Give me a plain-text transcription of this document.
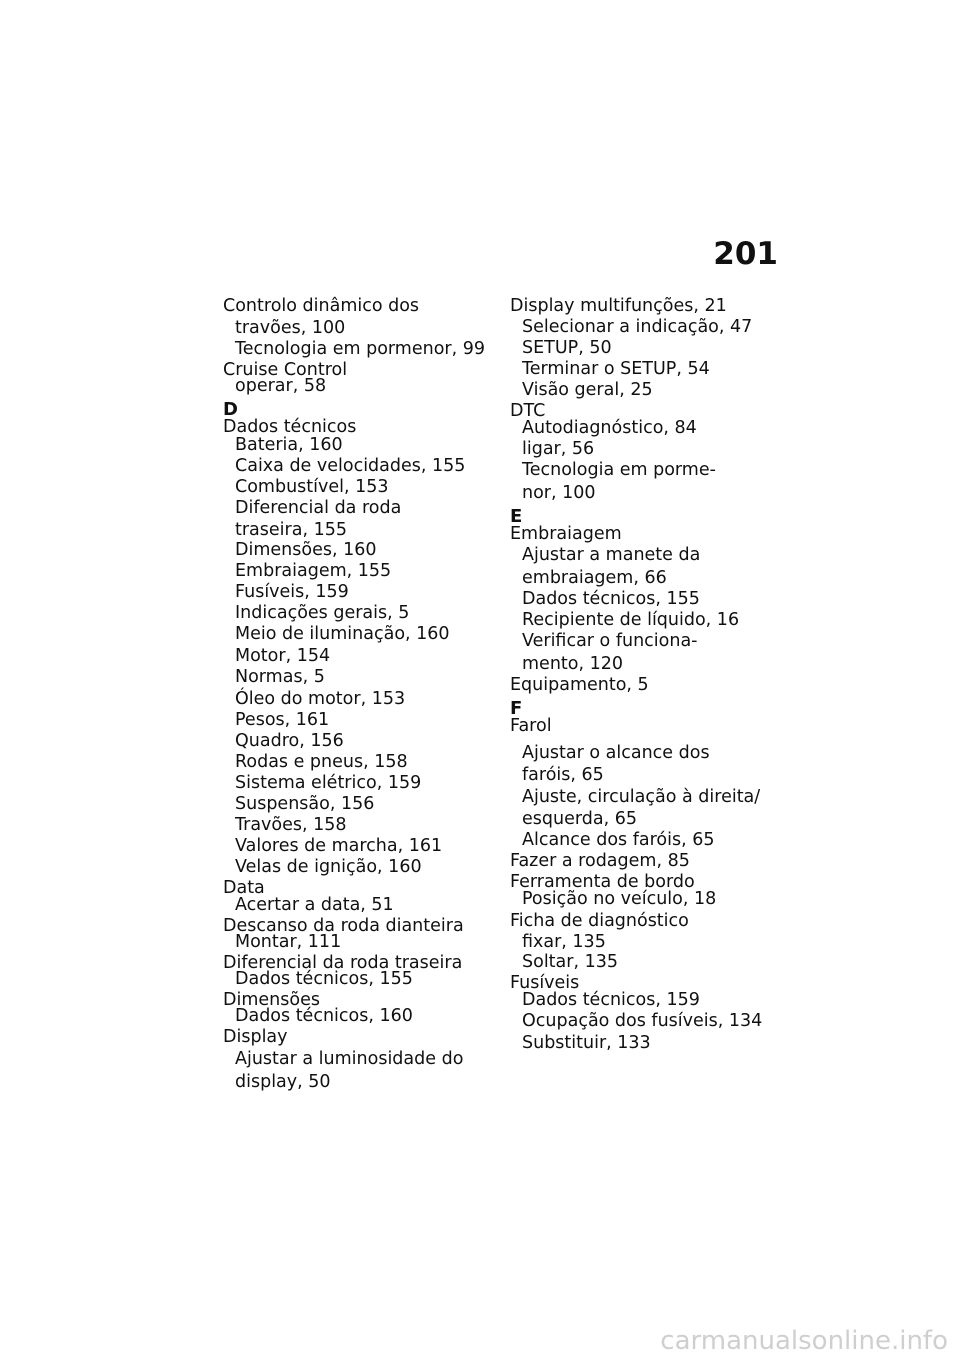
201
Controlo dinâmico dos
travões, 100
Tecnologia em pormenor, 99
Cruise Control
operar, 58
D
Dados técnicos
Bateria, 160
Caixa de velocidades, 155
Combustível, 153
Diferencial da roda
traseira, 155
Dimensões, 160
Embraiagem, 155
Fusíveis, 159
Indicações gerais, 5
Meio de iluminação, 160
Motor, 154
Normas, 5
Óleo do motor, 153
Pesos, 161
Quadro, 156
Rodas e pneus, 158
Sistema elétrico, 159
Suspensão, 156
Travões, 158
Valores de marcha, 161
Velas de ignição, 160
Data
Acertar a data, 51
Descanso da roda dianteira
Montar, 111
Diferencial da roda traseira
Dados técnicos, 155
Dimensões
Dados técnicos, 160
Display
Ajustar a luminosidade do
display, 50
Display multifunções, 21
Selecionar a indicação, 47
SETUP, 50
Terminar o SETUP, 54
Visão geral, 25
DTC
Autodiagnóstico, 84
ligar, 56
Tecnologia em porme-
nor, 100
E
Embraiagem
Ajustar a manete da
embraiagem, 66
Dados técnicos, 155
Recipiente de líquido, 16
Verificar o funciona-
mento, 120
Equipamento, 5
F
Farol
Ajustar o alcance dos
faróis, 65
Ajuste, circulação à direita/
esquerda, 65
Alcance dos faróis, 65
Fazer a rodagem, 85
Ferramenta de bordo
Posição no veículo, 18
Ficha de diagnóstico
fixar, 135
Soltar, 135
Fusíveis
Dados técnicos, 159
Ocupação dos fusíveis, 134
Substituir, 133
carmanualsonline.info
